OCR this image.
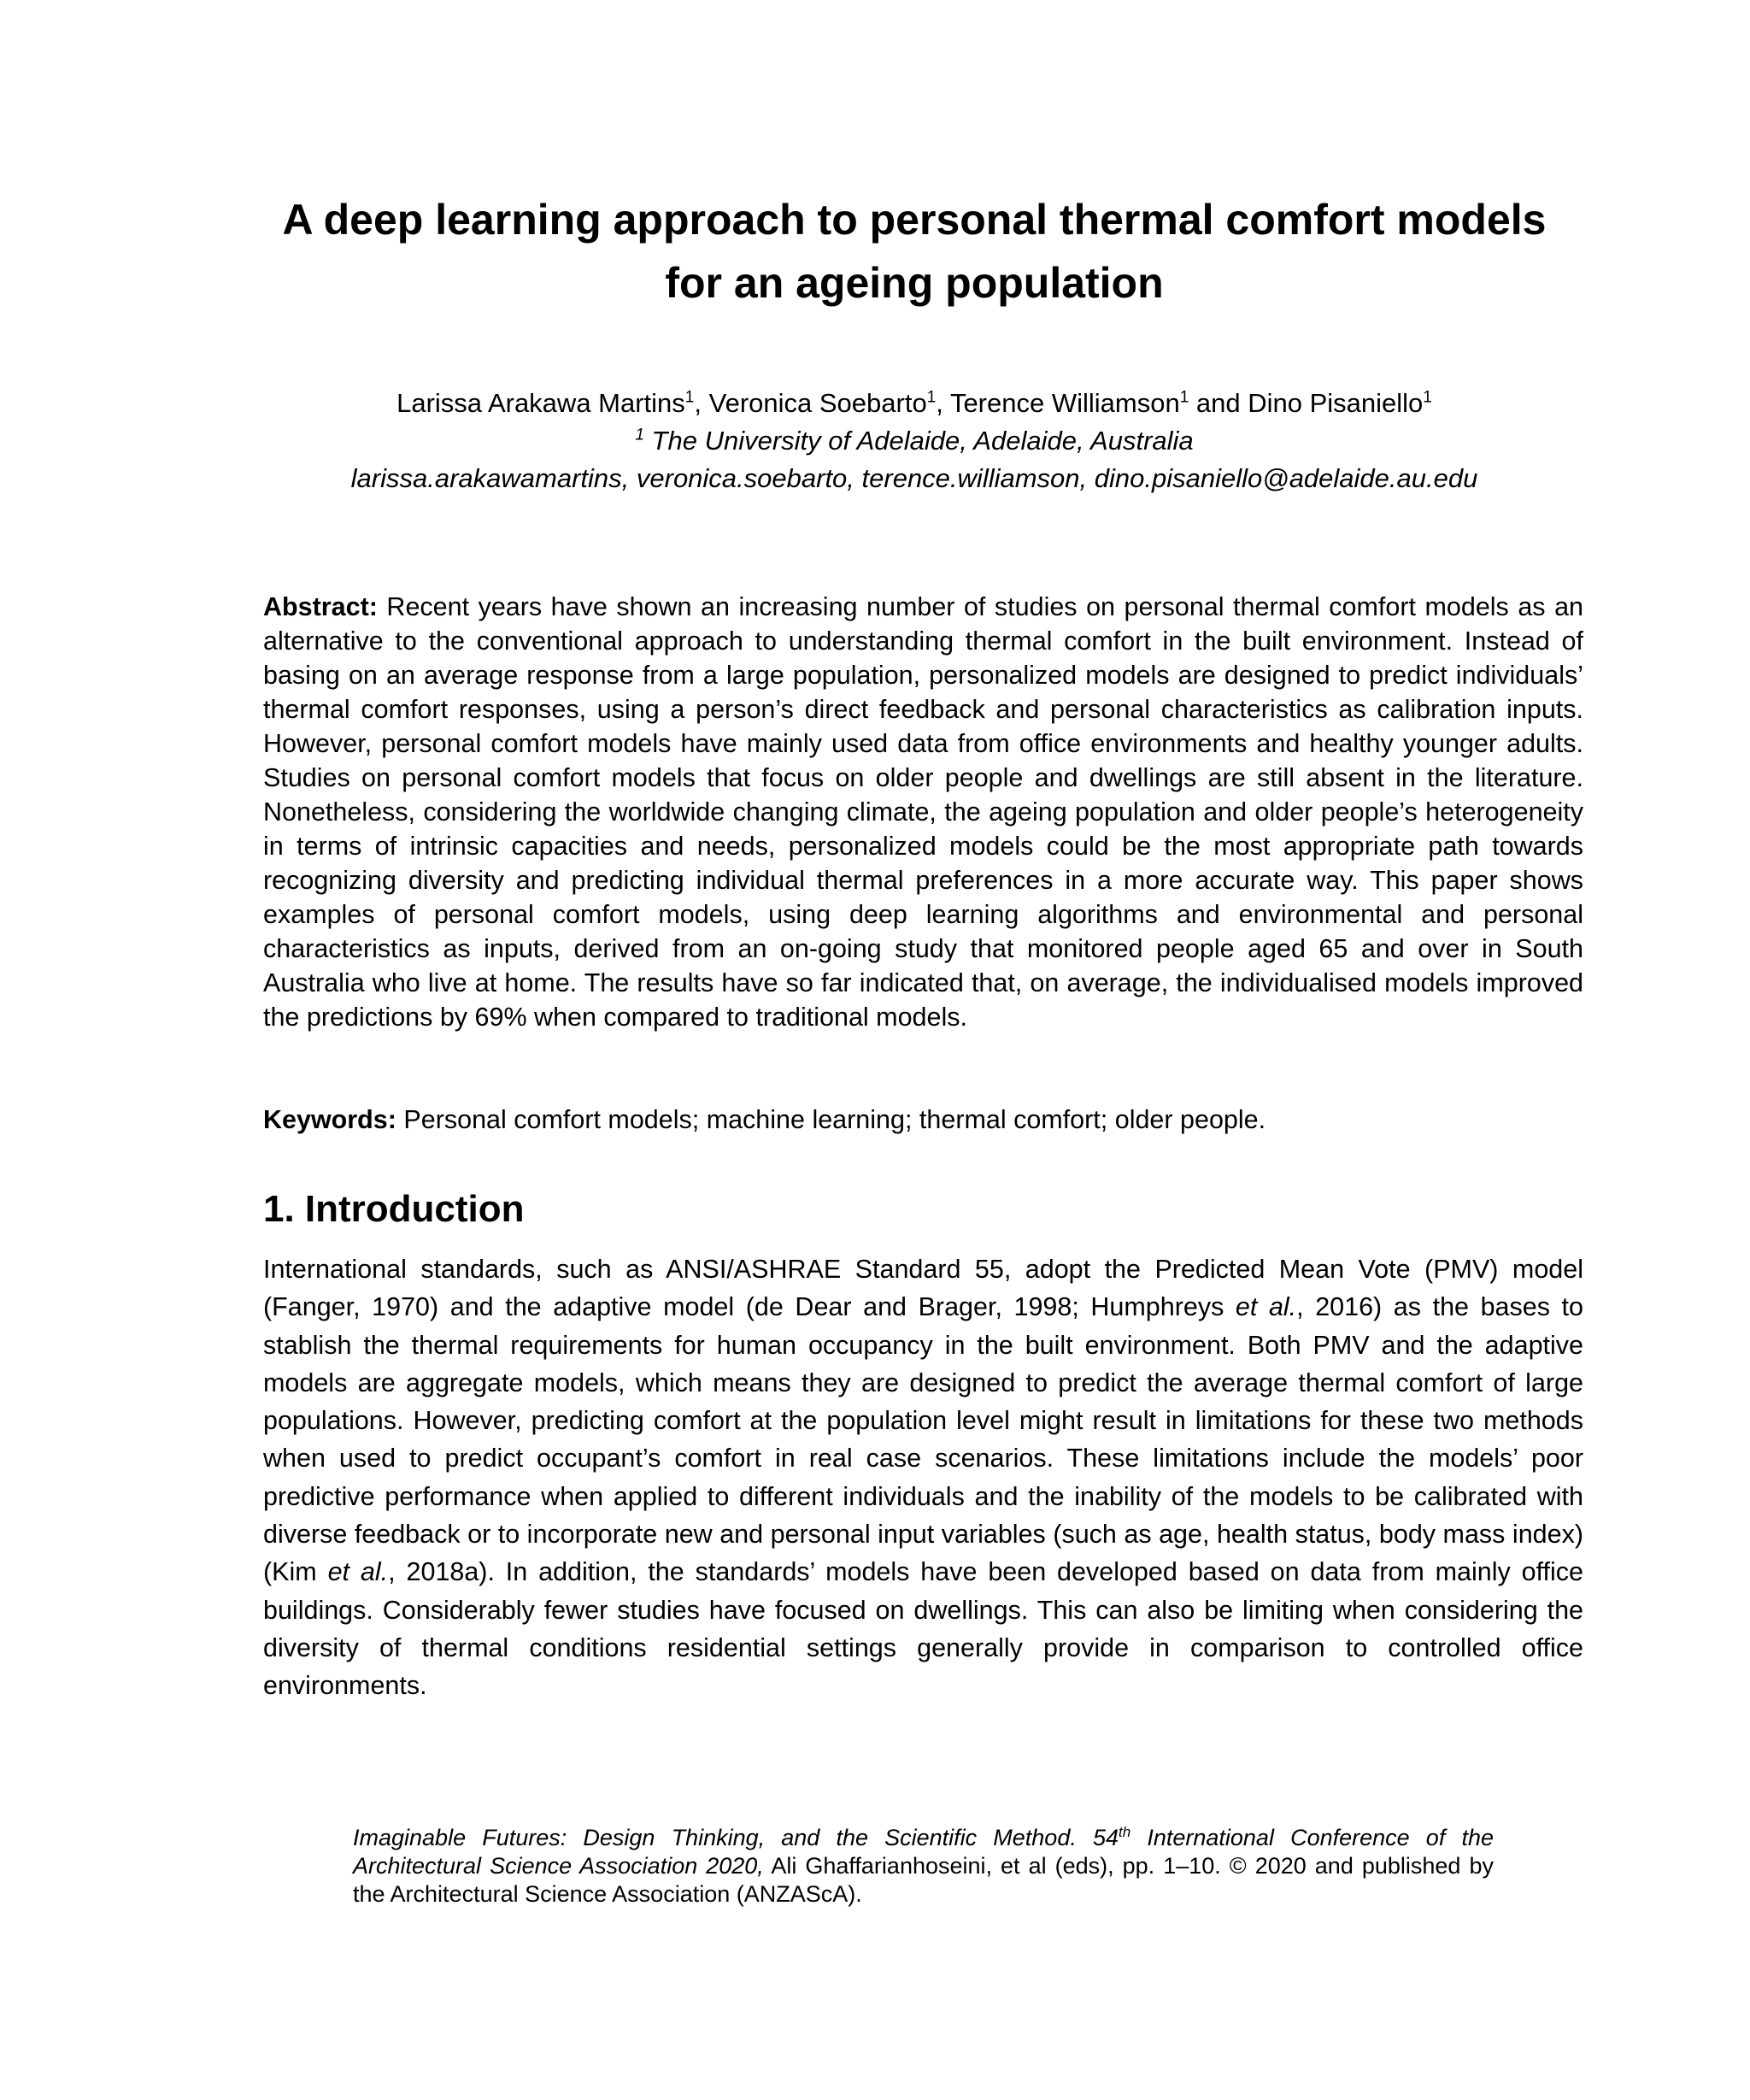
A deep learning approach to personal thermal comfort models
for an ageing population
Larissa Arakawa Martins$^1$, Veronica Soebarto$^1$, Terence Williamson$^1$ and Dino Pisaniello$^1$
$^1$ The University of Adelaide, Adelaide, Australia
larissa.arakawamartins, veronica.soebarto, terence.williamson, dino.pisaniello@adelaide.au.edu
Abstract: Recent years have shown an increasing number of studies on personal thermal comfort models as an alternative to the conventional approach to understanding thermal comfort in the built environment. Instead of basing on an average response from a large population, personalized models are designed to predict individuals’ thermal comfort responses, using a person’s direct feedback and personal characteristics as calibration inputs. However, personal comfort models have mainly used data from office environments and healthy younger adults. Studies on personal comfort models that focus on older people and dwellings are still absent in the literature. Nonetheless, considering the worldwide changing climate, the ageing population and older people’s heterogeneity in terms of intrinsic capacities and needs, personalized models could be the most appropriate path towards recognizing diversity and predicting individual thermal preferences in a more accurate way. This paper shows examples of personal comfort models, using deep learning algorithms and environmental and personal characteristics as inputs, derived from an on-going study that monitored people aged 65 and over in South Australia who live at home. The results have so far indicated that, on average, the individualised models improved the predictions by 69% when compared to traditional models.
Keywords: Personal comfort models; machine learning; thermal comfort; older people.
1. Introduction
International standards, such as ANSI/ASHRAE Standard 55, adopt the Predicted Mean Vote (PMV) model (Fanger, 1970) and the adaptive model (de Dear and Brager, 1998; Humphreys et al., 2016) as the bases to stablish the thermal requirements for human occupancy in the built environment. Both PMV and the adaptive models are aggregate models, which means they are designed to predict the average thermal comfort of large populations. However, predicting comfort at the population level might result in limitations for these two methods when used to predict occupant’s comfort in real case scenarios. These limitations include the models’ poor predictive performance when applied to different individuals and the inability of the models to be calibrated with diverse feedback or to incorporate new and personal input variables (such as age, health status, body mass index) (Kim et al., 2018a). In addition, the standards’ models have been developed based on data from mainly office buildings. Considerably fewer studies have focused on dwellings. This can also be limiting when considering the diversity of thermal conditions residential settings generally provide in comparison to controlled office environments.
Imaginable Futures: Design Thinking, and the Scientific Method. 54th International Conference of the Architectural Science Association 2020, Ali Ghaffarianhoseini, et al (eds), pp. 1–10. © 2020 and published by the Architectural Science Association (ANZAScA).
